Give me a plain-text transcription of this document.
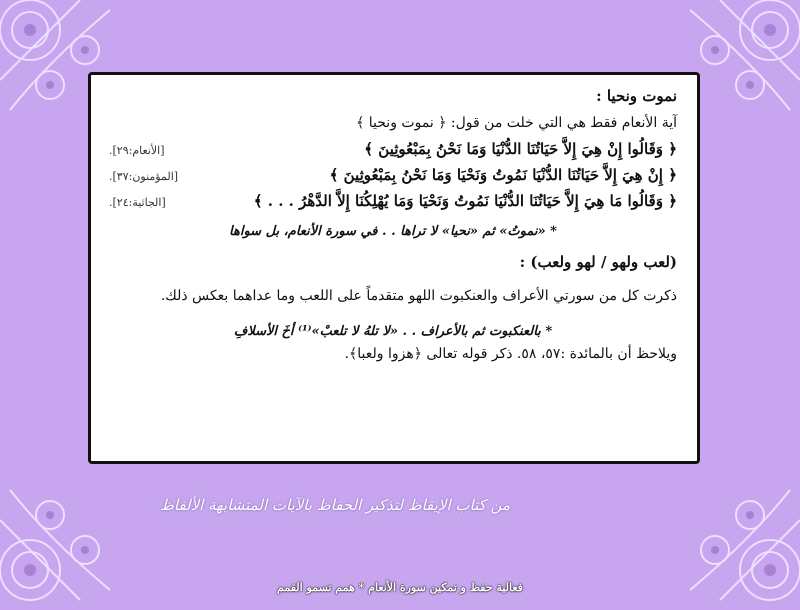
نموت ونحيا :

آية الأنعام فقط هي التي خلت من قول: ﴿ نموت ونحيا ﴾

﴿ وَقَالُوا إِنْ هِيَ إِلاَّ حَيَاتُنَا الدُّنْيَا وَمَا نَحْنُ بِمَبْعُوثِينَ ﴾
[الأنعام:٢٩].
﴿ إِنْ هِيَ إِلاَّ حَيَاتُنَا الدُّنْيَا نَمُوتُ وَنَحْيَا وَمَا نَحْنُ بِمَبْعُوثِينَ ﴾
[المؤمنون:٣٧].
﴿ وَقَالُوا مَا هِيَ إِلاَّ حَيَاتُنَا الدُّنْيَا نَمُوتُ وَنَحْيَا وَمَا يُهْلِكُنَا إِلاَّ الدَّهْرُ . . . ﴾
[الجاثية:٢٤].

* «نموتُ» ثم «نحيا» لا تراها . . في سورة الأنعام، بل سواها

(لعب ولهو / لهو ولعب) :

ذكرت كل من سورتي الأعراف والعنكبوت اللهو متقدماً على اللعب وما عداهما بعكس ذلك.

* بالعنكبوت ثم بالأعراف . . «لا تلهُ لا تلعبْ»⁽¹⁾ أخَ الأسلافِ

ويلاحظ أن بالمائدة :٥٧، ٥٨. ذكر قوله تعالى ﴿هزوا ولعبا﴾.

من كتاب الإيقاظ لتذكير الحفاظ بالآيات المتشابهة الألفاظ
فعالية حفظ و تمكين سورة الأنعام * همم تسمو القمم
